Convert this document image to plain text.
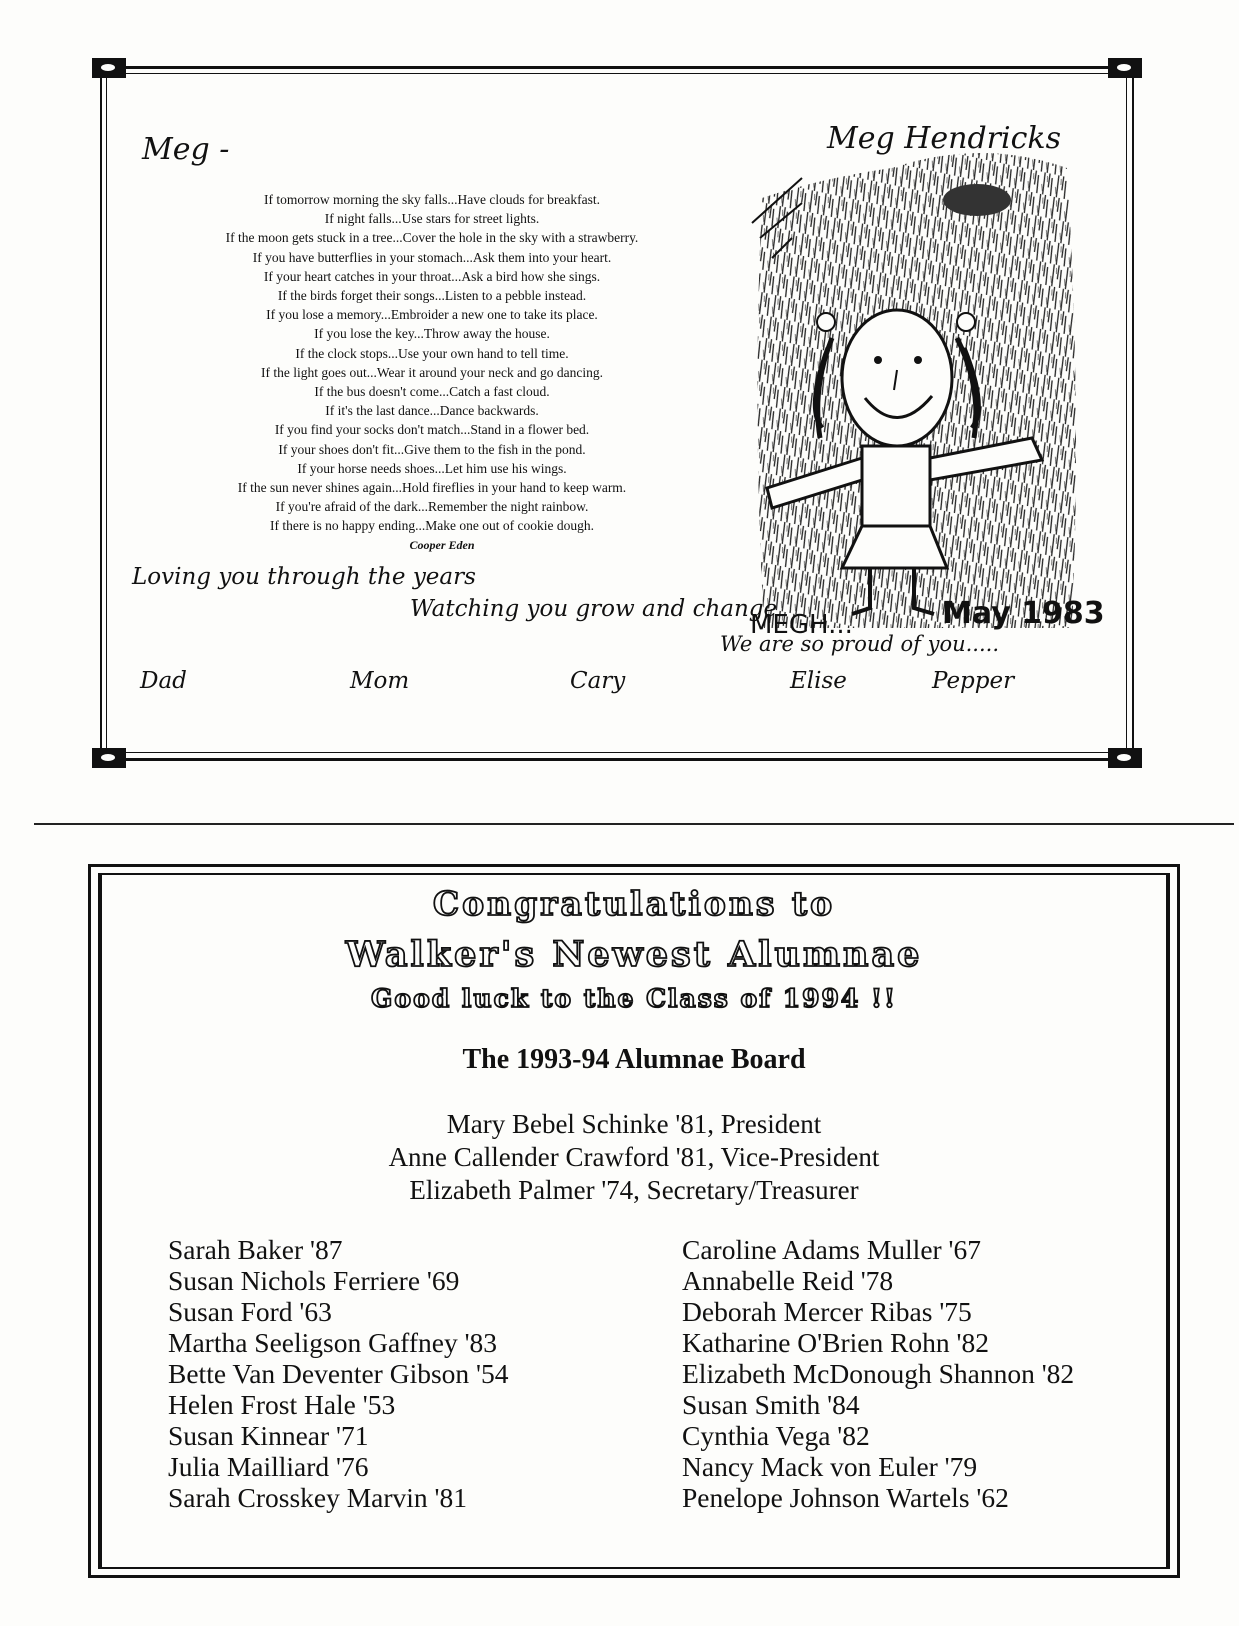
Meg -
If tomorrow morning the sky falls...Have clouds for breakfast.
If night falls...Use stars for street lights.
If the moon gets stuck in a tree...Cover the hole in the sky with a strawberry.
If you have butterflies in your stomach...Ask them into your heart.
If your heart catches in your throat...Ask a bird how she sings.
If the birds forget their songs...Listen to a pebble instead.
If you lose a memory...Embroider a new one to take its place.
If you lose the key...Throw away the house.
If the clock stops...Use your own hand to tell time.
If the light goes out...Wear it around your neck and go dancing.
If the bus doesn't come...Catch a fast cloud.
If it's the last dance...Dance backwards.
If you find your socks don't match...Stand in a flower bed.
If your shoes don't fit...Give them to the fish in the pond.
If your horse needs shoes...Let him use his wings.
If the sun never shines again...Hold fireflies in your hand to keep warm.
If you're afraid of the dark...Remember the night rainbow.
If there is no happy ending...Make one out of cookie dough.
Cooper Eden
Meg Hendricks
MEGH...	May 1983
Loving you through the years
Watching you grow and change
We are so proud of you.....
Dad	Mom	Cary	Elise	Pepper
Congratulations to
Walker's Newest Alumnae
Good luck to the Class of 1994 !!
The 1993-94 Alumnae Board
Mary Bebel Schinke '81, President
Anne Callender Crawford '81, Vice-President
Elizabeth Palmer '74, Secretary/Treasurer
Sarah Baker '87
Susan Nichols Ferriere '69
Susan Ford '63
Martha Seeligson Gaffney '83
Bette Van Deventer Gibson '54
Helen Frost Hale '53
Susan Kinnear '71
Julia Mailliard '76
Sarah Crosskey Marvin '81
Caroline Adams Muller '67
Annabelle Reid '78
Deborah Mercer Ribas '75
Katharine O'Brien Rohn '82
Elizabeth McDonough Shannon '82
Susan Smith '84
Cynthia Vega '82
Nancy Mack von Euler '79
Penelope Johnson Wartels '62
